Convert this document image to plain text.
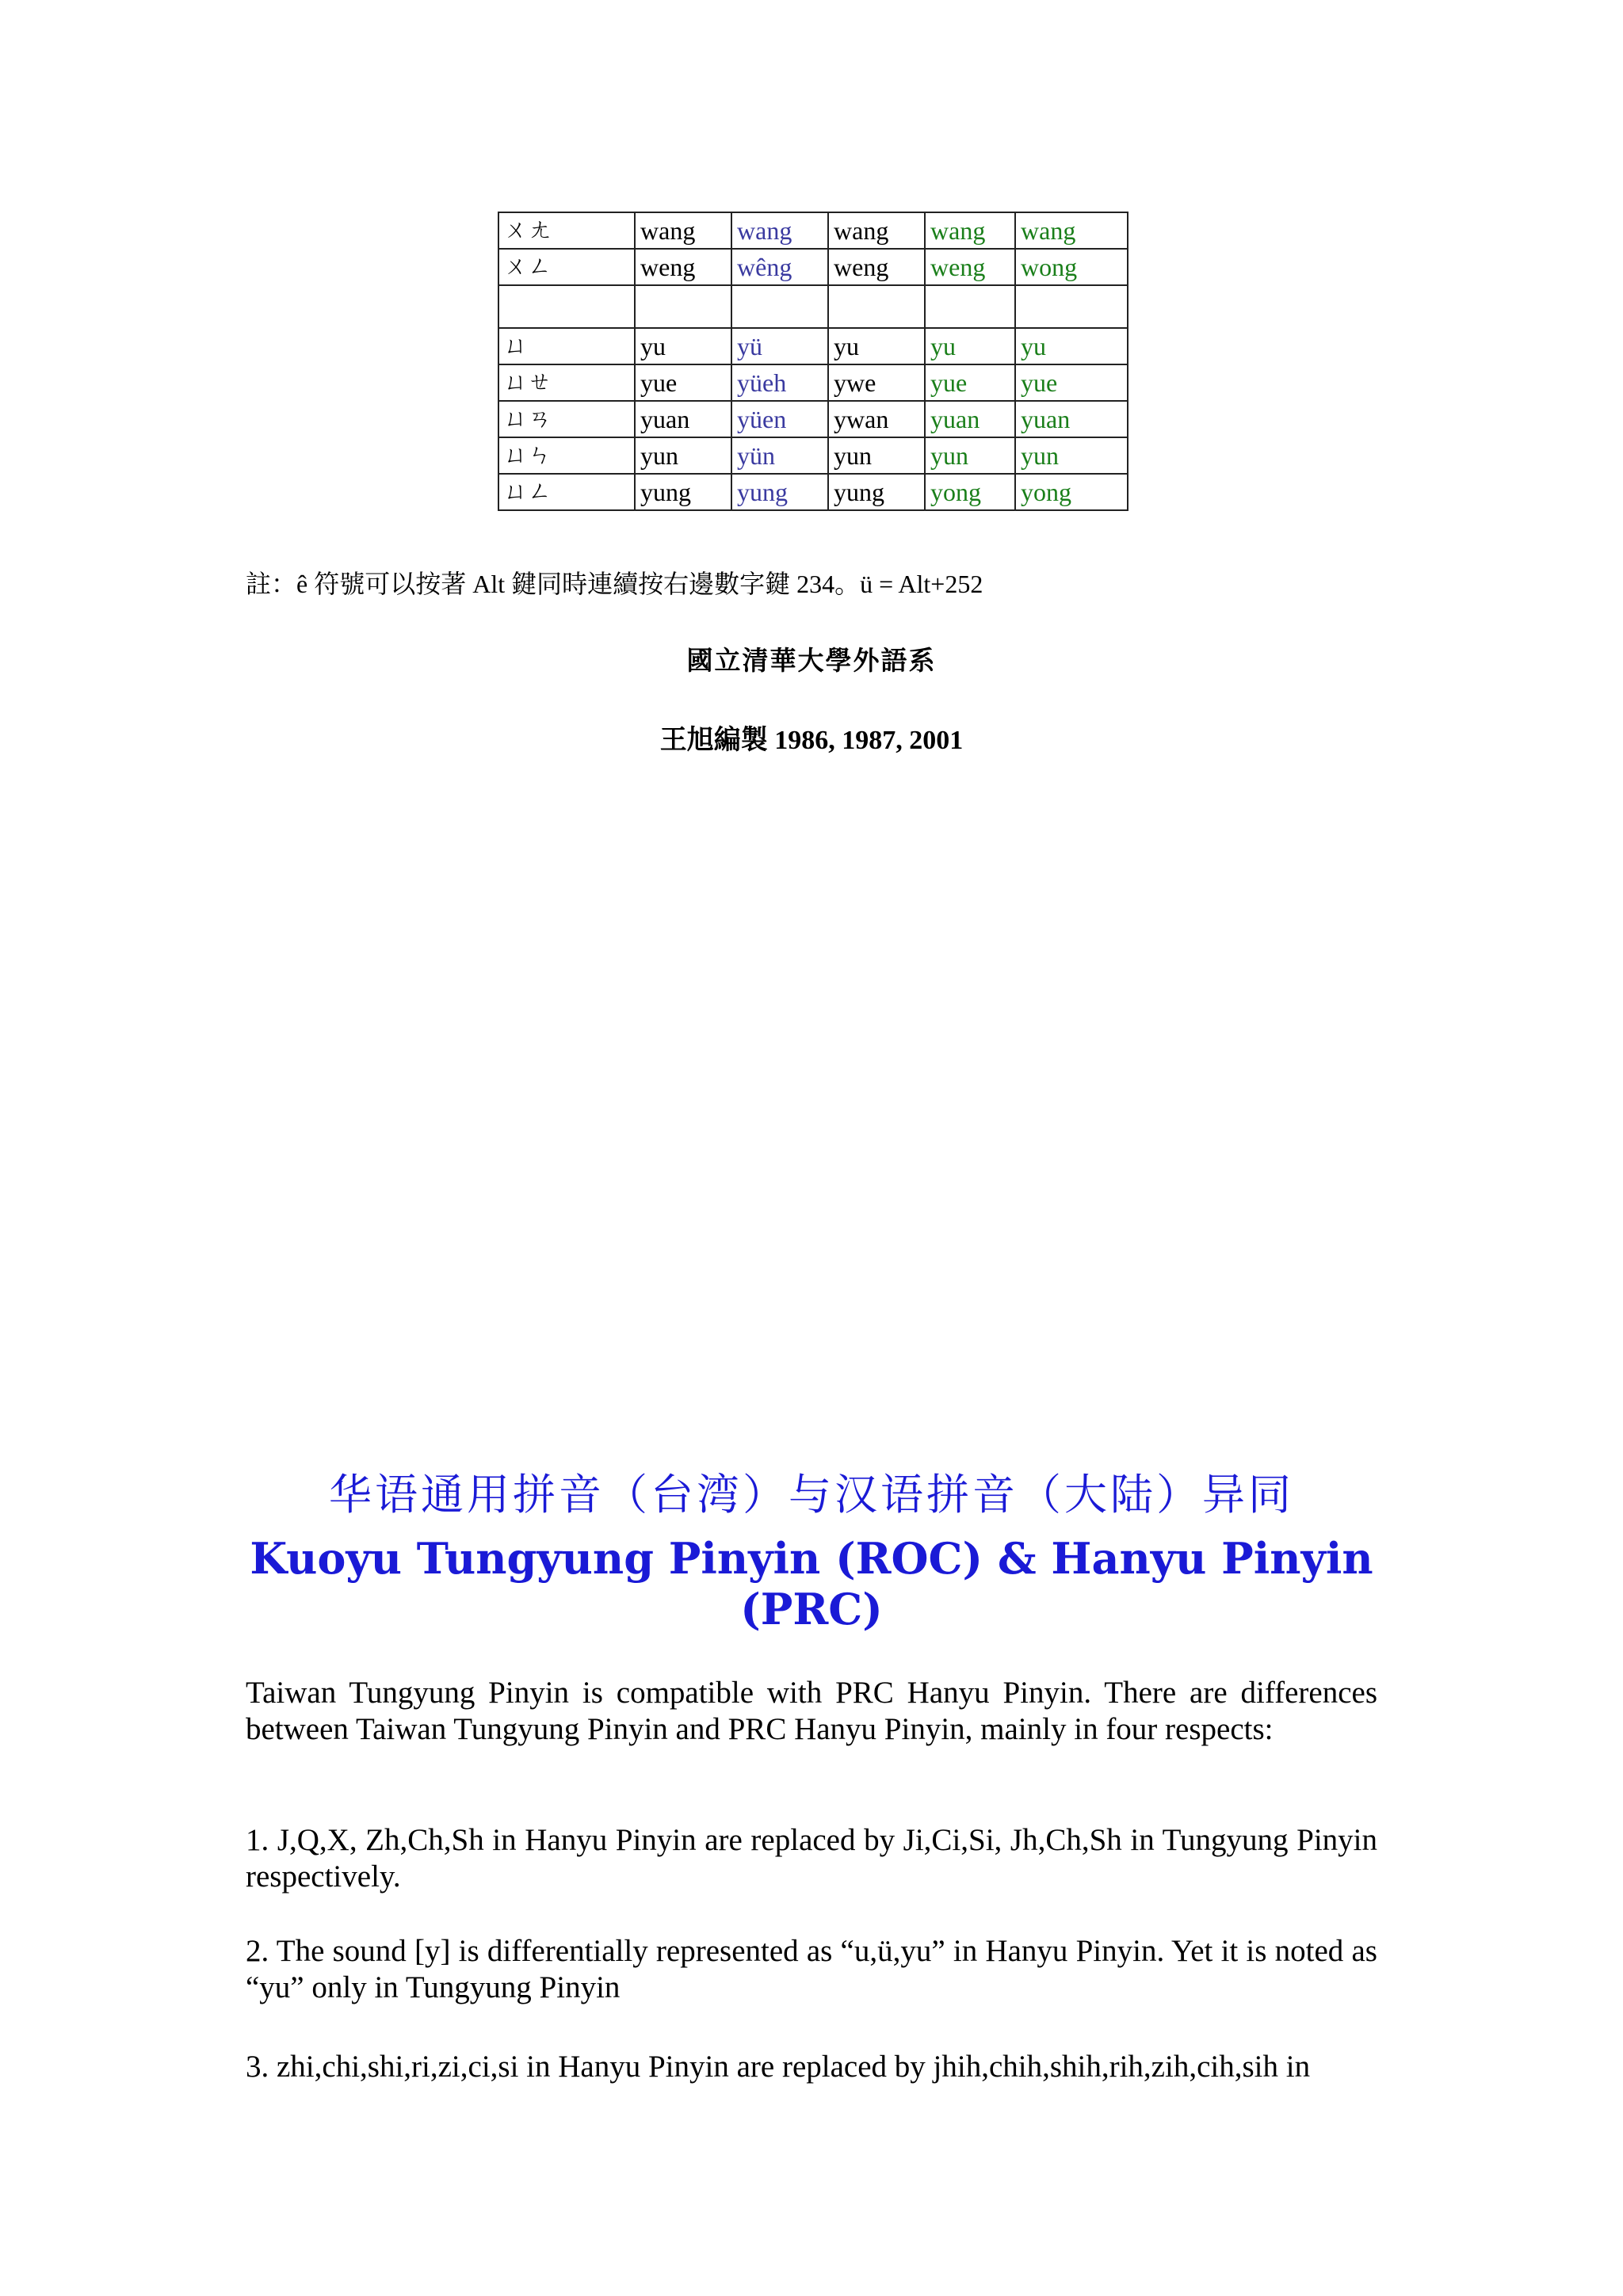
ㄨㄤ	wang	wang	wang	wang	wang
ㄨㄥ	weng	wêng	weng	weng	wong

ㄩ	yu	yü	yu	yu	yu
ㄩㄝ	yue	yüeh	ywe	yue	yue
ㄩㄢ	yuan	yüen	ywan	yuan	yuan
ㄩㄣ	yun	yün	yun	yun	yun
ㄩㄥ	yung	yung	yung	yong	yong
註：ê 符號可以按著 Alt 鍵同時連續按右邊數字鍵 234。ü = Alt+252
國立清華大學外語系
王旭編製 1986, 1987, 2001
华语通用拼音（台湾）与汉语拼音（大陆）异同
Kuoyu Tungyung Pinyin (ROC) & Hanyu Pinyin (PRC)

Taiwan Tungyung Pinyin is compatible with PRC Hanyu Pinyin. There are differences between Taiwan Tungyung Pinyin and PRC Hanyu Pinyin, mainly in four respects:

1. J,Q,X, Zh,Ch,Sh in Hanyu Pinyin are replaced by Ji,Ci,Si, Jh,Ch,Sh in Tungyung Pinyin respectively.

2. The sound [y] is differentially represented as “u,ü,yu” in Hanyu Pinyin. Yet it is noted as “yu” only in Tungyung Pinyin

3. zhi,chi,shi,ri,zi,ci,si in Hanyu Pinyin are replaced by jhih,chih,shih,rih,zih,cih,sih in
